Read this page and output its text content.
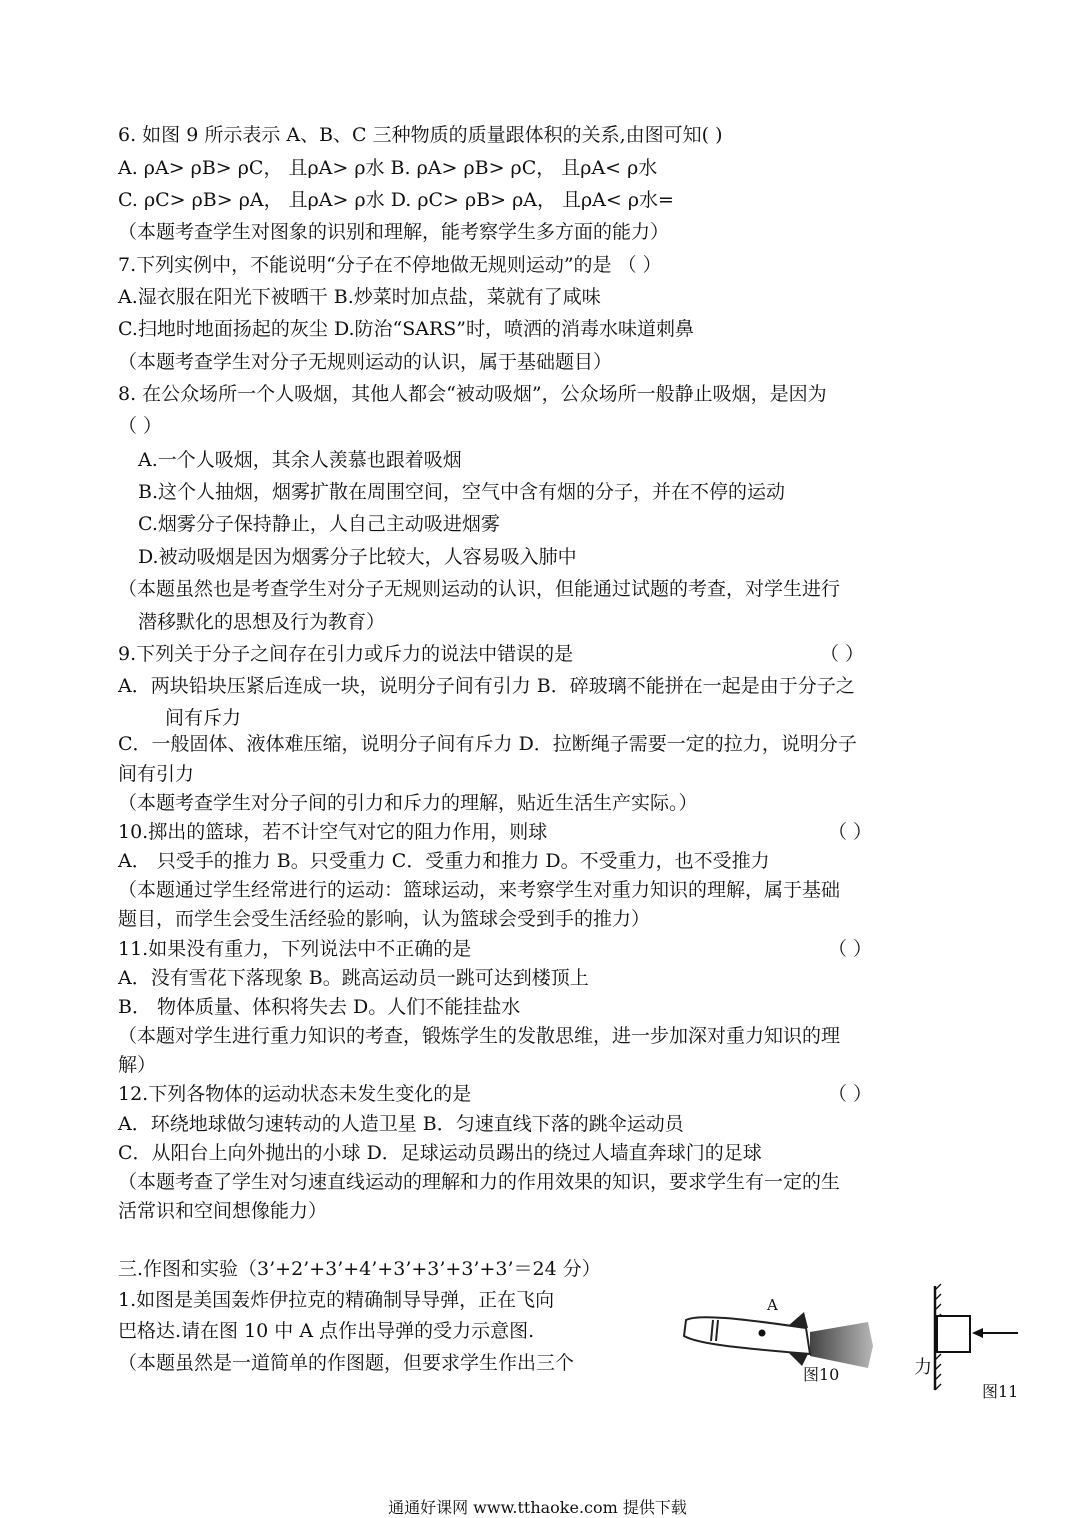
6. 如图 9 所示表示 A、B、C 三种物质的质量跟体积的关系,由图可知( )
A. ρA> ρB> ρC， 且ρA> ρ水 B. ρA> ρB> ρC， 且ρA< ρ水
C. ρC> ρB> ρA， 且ρA> ρ水 D. ρC> ρB> ρA， 且ρA< ρ水=
（本题考查学生对图象的识别和理解，能考察学生多方面的能力）
7.下列实例中，不能说明“分子在不停地做无规则运动”的是 （ ）
A.湿衣服在阳光下被晒干 B.炒菜时加点盐，菜就有了咸味
C.扫地时地面扬起的灰尘 D.防治“SARS”时，喷洒的消毒水味道刺鼻
（本题考查学生对分子无规则运动的认识，属于基础题目）
8. 在公众场所一个人吸烟，其他人都会“被动吸烟”，公众场所一般静止吸烟，是因为
（ ）
A.一个人吸烟，其余人羡慕也跟着吸烟
B.这个人抽烟，烟雾扩散在周围空间，空气中含有烟的分子，并在不停的运动
C.烟雾分子保持静止，人自己主动吸进烟雾
D.被动吸烟是因为烟雾分子比较大，人容易吸入肺中
（本题虽然也是考查学生对分子无规则运动的认识，但能通过试题的考查，对学生进行
潜移默化的思想及行为教育）
9.下列关于分子之间存在引力或斥力的说法中错误的是	（ ）
A．两块铅块压紧后连成一块，说明分子间有引力 B．碎玻璃不能拼在一起是由于分子之
间有斥力
C．一般固体、液体难压缩，说明分子间有斥力 D．拉断绳子需要一定的拉力，说明分子
间有引力
（本题考查学生对分子间的引力和斥力的理解，贴近生活生产实际。）
10.掷出的篮球，若不计空气对它的阻力作用，则球	（ ）
A． 只受手的推力 B。只受重力 C．受重力和推力 D。不受重力，也不受推力
（本题通过学生经常进行的运动：篮球运动，来考察学生对重力知识的理解，属于基础
题目，而学生会受生活经验的影响，认为篮球会受到手的推力）
11.如果没有重力，下列说法中不正确的是	（ ）
A．没有雪花下落现象 B。跳高运动员一跳可达到楼顶上
B． 物体质量、体积将失去 D。人们不能挂盐水
（本题对学生进行重力知识的考查，锻炼学生的发散思维，进一步加深对重力知识的理
解）
12.下列各物体的运动状态未发生变化的是	（ ）
A．环绕地球做匀速转动的人造卫星 B．匀速直线下落的跳伞运动员
C．从阳台上向外抛出的小球 D．足球运动员踢出的绕过人墙直奔球门的足球
（本题考查了学生对匀速直线运动的理解和力的作用效果的知识，要求学生有一定的生
活常识和空间想像能力）
三.作图和实验（3’+2’+3’+4’+3’+3’+3’+3’＝24 分）
1.如图是美国轰炸伊拉克的精确制导导弹，正在飞向
巴格达.请在图 10 中 A 点作出导弹的受力示意图.
（本题虽然是一道简单的作图题，但要求学生作出三个
A
图10	力
图11
通通好课网 www.tthaoke.com 提供下载
